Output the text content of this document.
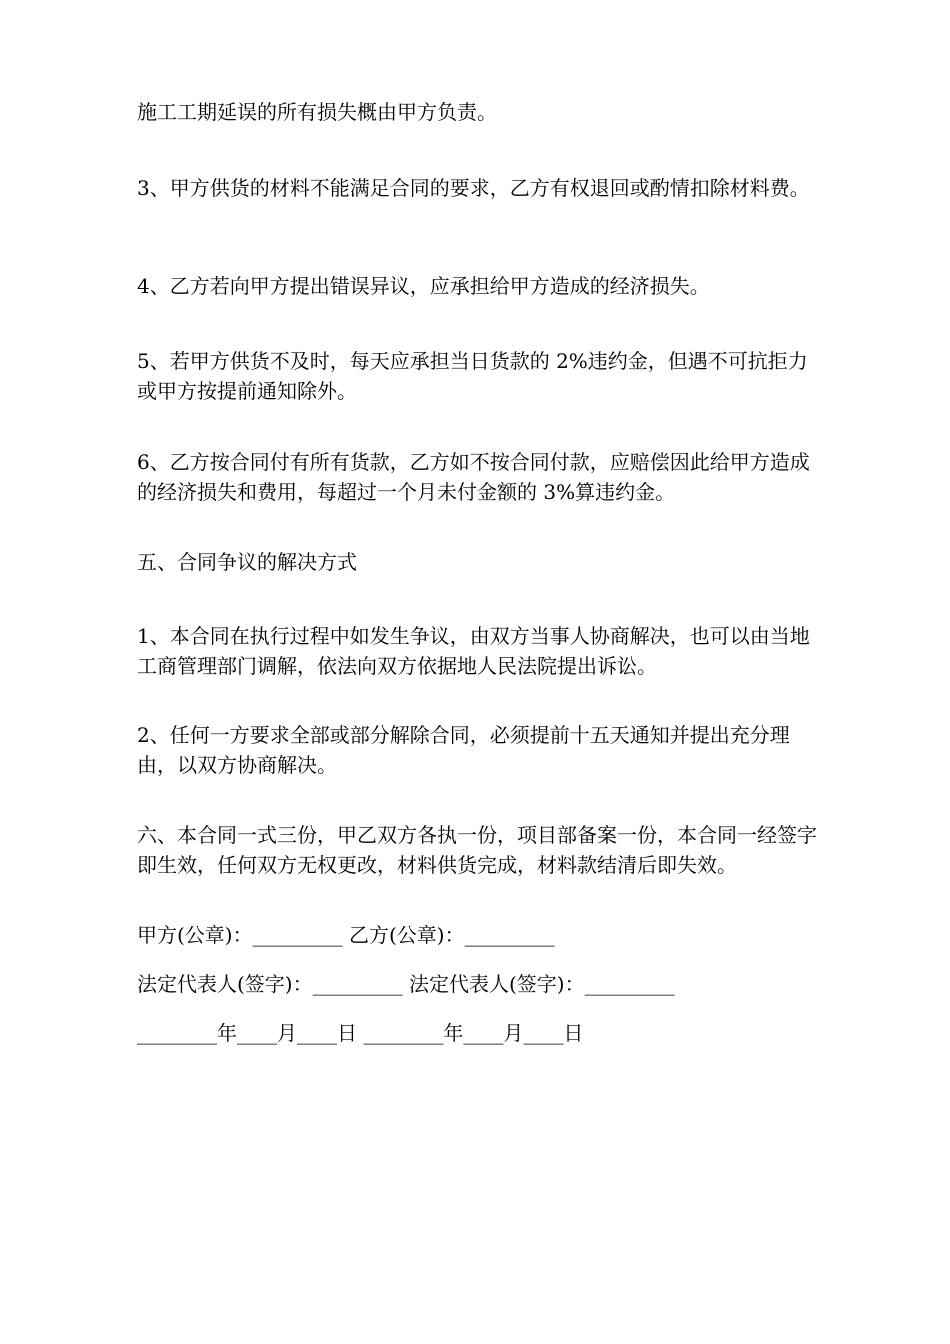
施工工期延误的所有损失概由甲方负责。

3、甲方供货的材料不能满足合同的要求，乙方有权退回或酌情扣除材料费。

4、乙方若向甲方提出错误异议，应承担给甲方造成的经济损失。

5、若甲方供货不及时，每天应承担当日货款的 2%违约金，但遇不可抗拒力或甲方按提前通知除外。

6、乙方按合同付有所有货款，乙方如不按合同付款，应赔偿因此给甲方造成的经济损失和费用，每超过一个月未付金额的 3%算违约金。

五、合同争议的解决方式

1、本合同在执行过程中如发生争议，由双方当事人协商解决，也可以由当地工商管理部门调解，依法向双方依据地人民法院提出诉讼。

2、任何一方要求全部或部分解除合同，必须提前十五天通知并提出充分理由，以双方协商解决。

六、本合同一式三份，甲乙双方各执一份，项目部备案一份，本合同一经签字即生效，任何双方无权更改，材料供货完成，材料款结清后即失效。

甲方(公章)：_________ 乙方(公章)：_________

法定代表人(签字)：_________ 法定代表人(签字)：_________

________年____月____日 ________年____月____日
